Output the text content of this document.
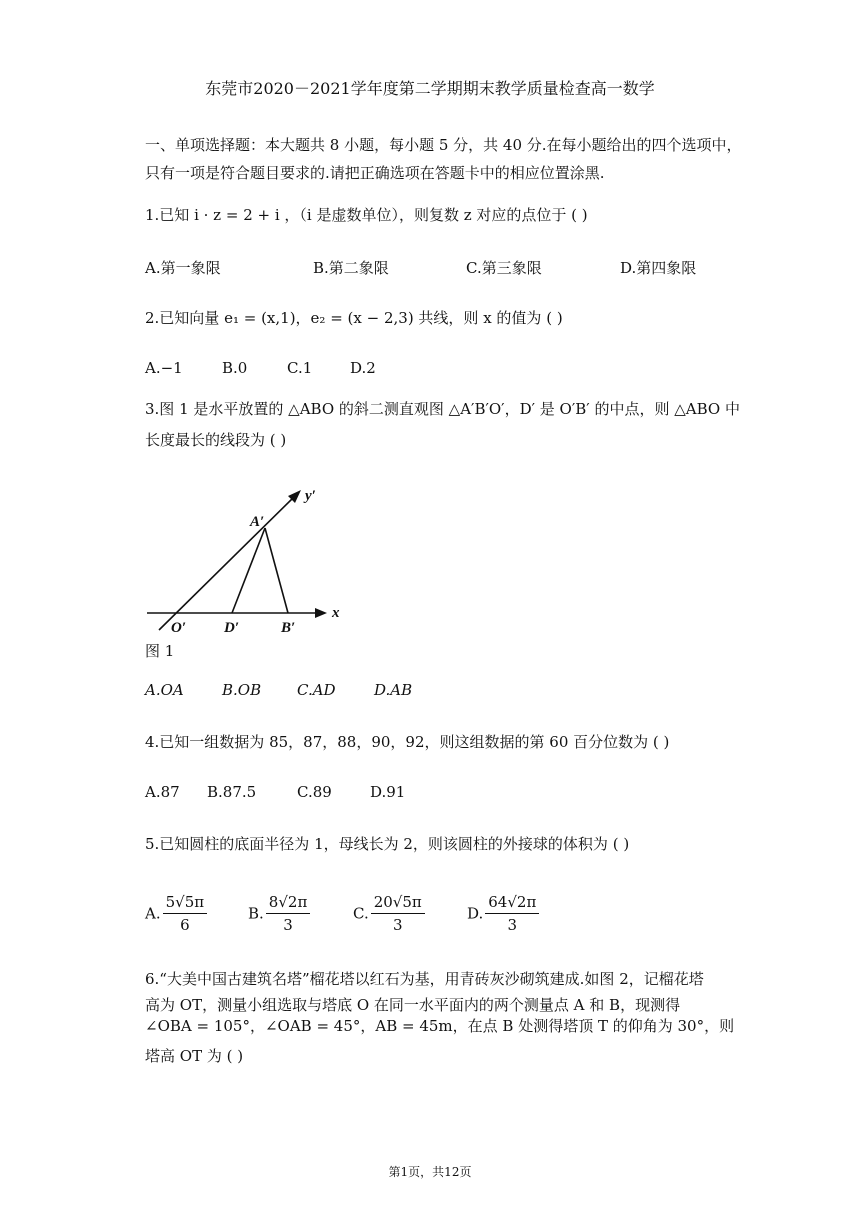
东莞市2020－2021学年度第二学期期末教学质量检查高一数学
一、单项选择题：本大题共 8 小题，每小题 5 分，共 40 分.在每小题给出的四个选项中，
只有一项是符合题目要求的.请把正确选项在答题卡中的相应位置涂黑.
1.已知 i · z = 2 + i ，（i 是虚数单位），则复数 z 对应的点位于 ( )
A.第一象限	B.第二象限	C.第三象限	D.第四象限
2.已知向量 e₁ = (x,1)，e₂ = (x − 2,3) 共线，则 x 的值为 ( )
A.−1	B.0	C.1	D.2
3.图 1 是水平放置的 △ABO 的斜二测直观图 △A′B′O′，D′ 是 O′B′ 的中点，则 △ABO 中
长度最长的线段为 ( )
A′
y′
x
O′	D′	B′
图 1
A.OA	B.OB C.AD	D.AB
4.已知一组数据为 85，87，88，90，92，则这组数据的第 60 百分位数为 ( )
A.87 B.87.5	C.89	D.91
5.已知圆柱的底面半径为 1，母线长为 2，则该圆柱的外接球的体积为 ( )
A. $\frac{5√5\pi}{6}$	B. $\frac{8√2\pi}{3}$	C. $\frac{20√5\pi}{3}$	D. $\frac{64√2\pi}{3}$
6.“大美中国古建筑名塔”榴花塔以红石为基，用青砖灰沙砌筑建成.如图 2，记榴花塔
高为 OT，测量小组选取与塔底 O 在同一水平面内的两个测量点 A 和 B，现测得
∠OBA = 105°，∠OAB = 45°，AB = 45m，在点 B 处测得塔顶 T 的仰角为 30°，则
塔高 OT 为 ( )
第1页，共12页
